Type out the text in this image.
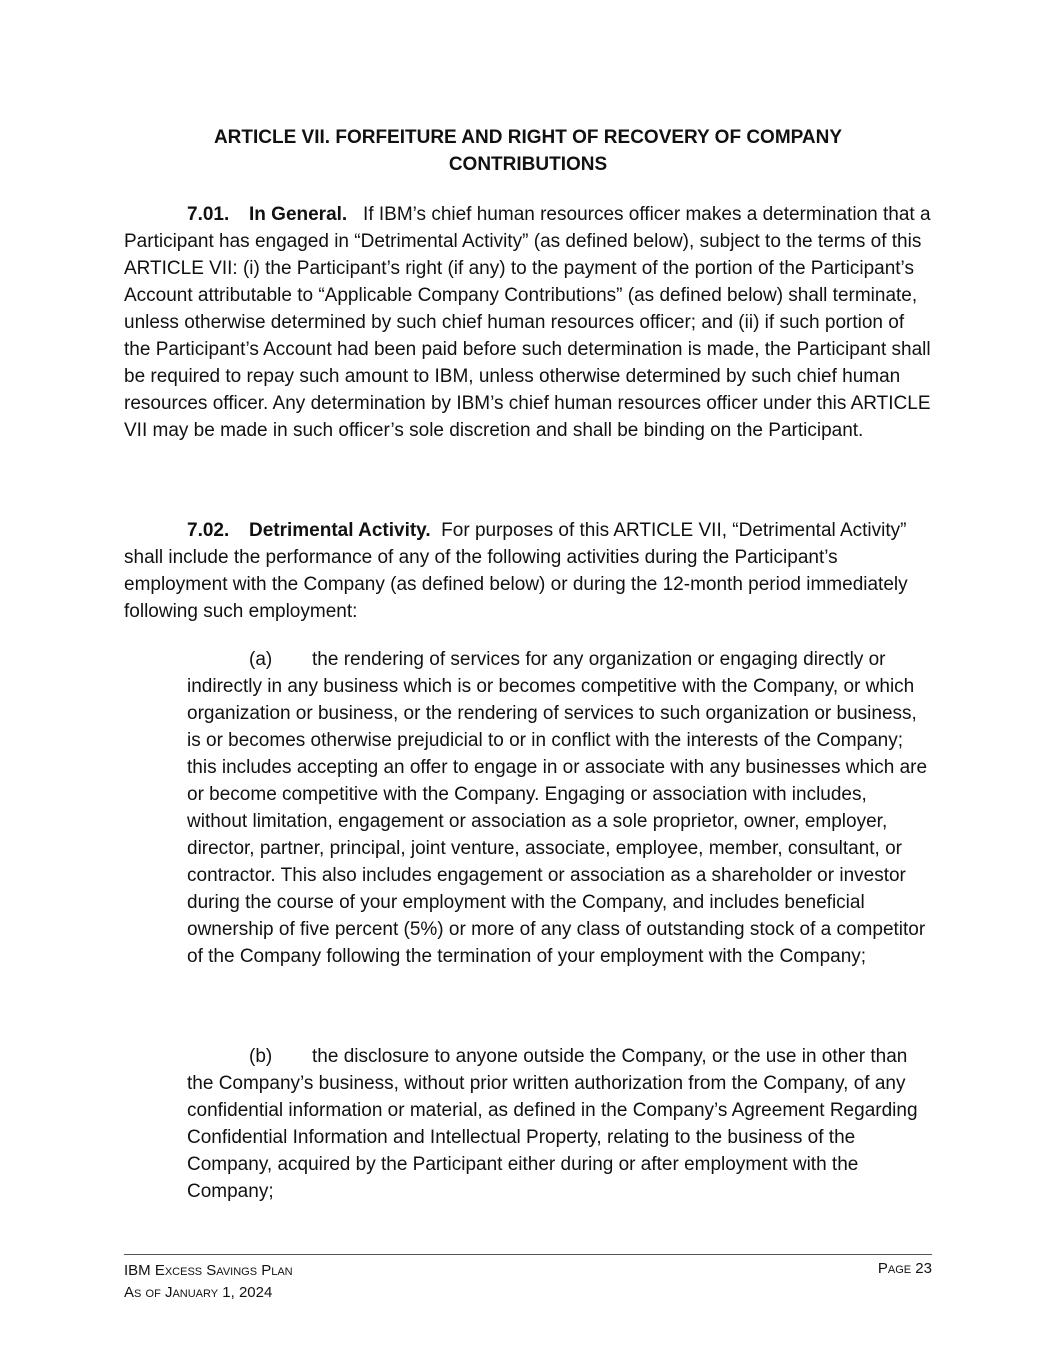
ARTICLE VII. FORFEITURE AND RIGHT OF RECOVERY OF COMPANY
CONTRIBUTIONS
7.01. In General. If IBM’s chief human resources officer makes a determination that a Participant has engaged in “Detrimental Activity” (as defined below), subject to the terms of this ARTICLE VII: (i) the Participant’s right (if any) to the payment of the portion of the Participant’s Account attributable to “Applicable Company Contributions” (as defined below) shall terminate, unless otherwise determined by such chief human resources officer; and (ii) if such portion of the Participant’s Account had been paid before such determination is made, the Participant shall be required to repay such amount to IBM, unless otherwise determined by such chief human resources officer. Any determination by IBM’s chief human resources officer under this ARTICLE VII may be made in such officer’s sole discretion and shall be binding on the Participant.
7.02. Detrimental Activity. For purposes of this ARTICLE VII, “Detrimental Activity” shall include the performance of any of the following activities during the Participant’s employment with the Company (as defined below) or during the 12-month period immediately following such employment:
(a) the rendering of services for any organization or engaging directly or indirectly in any business which is or becomes competitive with the Company, or which organization or business, or the rendering of services to such organization or business, is or becomes otherwise prejudicial to or in conflict with the interests of the Company; this includes accepting an offer to engage in or associate with any businesses which are or become competitive with the Company. Engaging or association with includes, without limitation, engagement or association as a sole proprietor, owner, employer, director, partner, principal, joint venture, associate, employee, member, consultant, or contractor. This also includes engagement or association as a shareholder or investor during the course of your employment with the Company, and includes beneficial ownership of five percent (5%) or more of any class of outstanding stock of a competitor of the Company following the termination of your employment with the Company;
(b) the disclosure to anyone outside the Company, or the use in other than the Company’s business, without prior written authorization from the Company, of any confidential information or material, as defined in the Company’s Agreement Regarding Confidential Information and Intellectual Property, relating to the business of the Company, acquired by the Participant either during or after employment with the Company;
IBM Excess Savings Plan
As of January 1, 2024
Page 23
